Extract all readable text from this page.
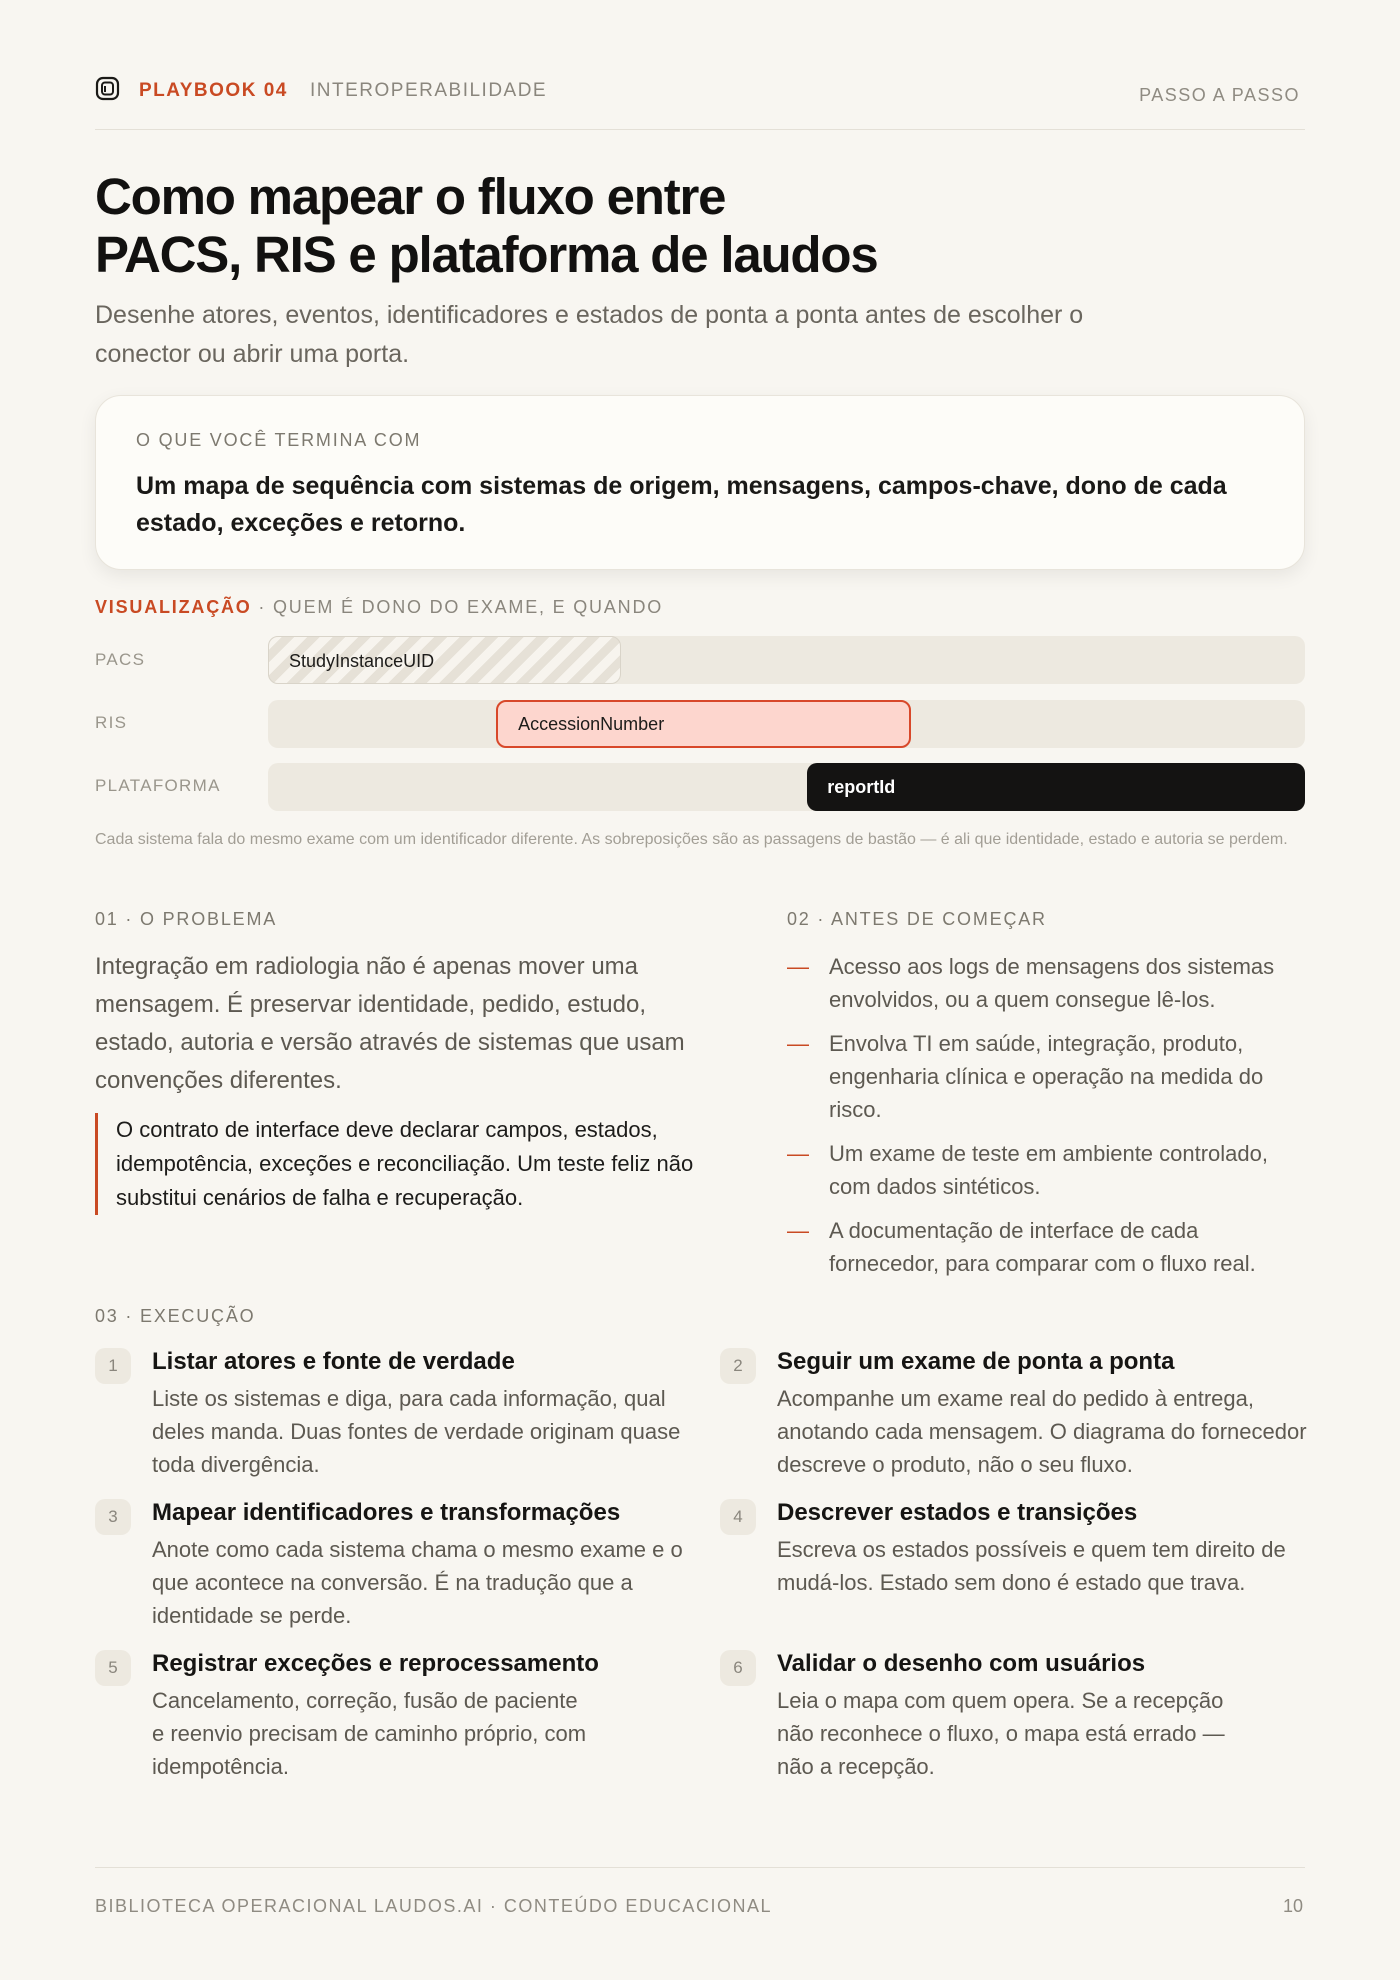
PLAYBOOK 04 INTEROPERABILIDADE	PASSO A PASSO
Como mapear o fluxo entre
PACS, RIS e plataforma de laudos

Desenhe atores, eventos, identificadores e estados de ponta a ponta antes de escolher o conector ou abrir uma porta.

O QUE VOCÊ TERMINA COM
Um mapa de sequência com sistemas de origem, mensagens, campos-chave, dono de cada estado, exceções e retorno.
VISUALIZAÇÃO · QUEM É DONO DO EXAME, E QUANDO
PACS	StudyInstanceUID
RIS	AccessionNumber
PLATAFORMA	reportId

Cada sistema fala do mesmo exame com um identificador diferente. As sobreposições são as passagens de bastão — é ali que identidade, estado e autoria se perdem.

01 · O PROBLEMA

Integração em radiologia não é apenas mover uma mensagem. É preservar identidade, pedido, estudo, estado, autoria e versão através de sistemas que usam convenções diferentes.

O contrato de interface deve declarar campos, estados, idempotência, exceções e reconciliação. Um teste feliz não substitui cenários de falha e recuperação.
02 · ANTES DE COMEÇAR
— Acesso aos logs de mensagens dos sistemas envolvidos, ou a quem consegue lê-los.
— Envolva TI em saúde, integração, produto, engenharia clínica e operação na medida do risco.
— Um exame de teste em ambiente controlado, com dados sintéticos.
— A documentação de interface de cada fornecedor, para comparar com o fluxo real.
03 · EXECUÇÃO
1	Listar atores e fonte de verdade
Liste os sistemas e diga, para cada informação, qual deles manda. Duas fontes de verdade originam quase toda divergência.
2	Seguir um exame de ponta a ponta
Acompanhe um exame real do pedido à entrega, anotando cada mensagem. O diagrama do fornecedor descreve o produto, não o seu fluxo.
3	Mapear identificadores e transformações
Anote como cada sistema chama o mesmo exame e o que acontece na conversão. É na tradução que a identidade se perde.
4	Descrever estados e transições
Escreva os estados possíveis e quem tem direito de mudá-los. Estado sem dono é estado que trava.
5	Registrar exceções e reprocessamento
Cancelamento, correção, fusão de paciente e reenvio precisam de caminho próprio, com idempotência.
6	Validar o desenho com usuários
Leia o mapa com quem opera. Se a recepção não reconhece o fluxo, o mapa está errado — não a recepção.
BIBLIOTECA OPERACIONAL LAUDOS.AI · CONTEÚDO EDUCACIONAL	10
